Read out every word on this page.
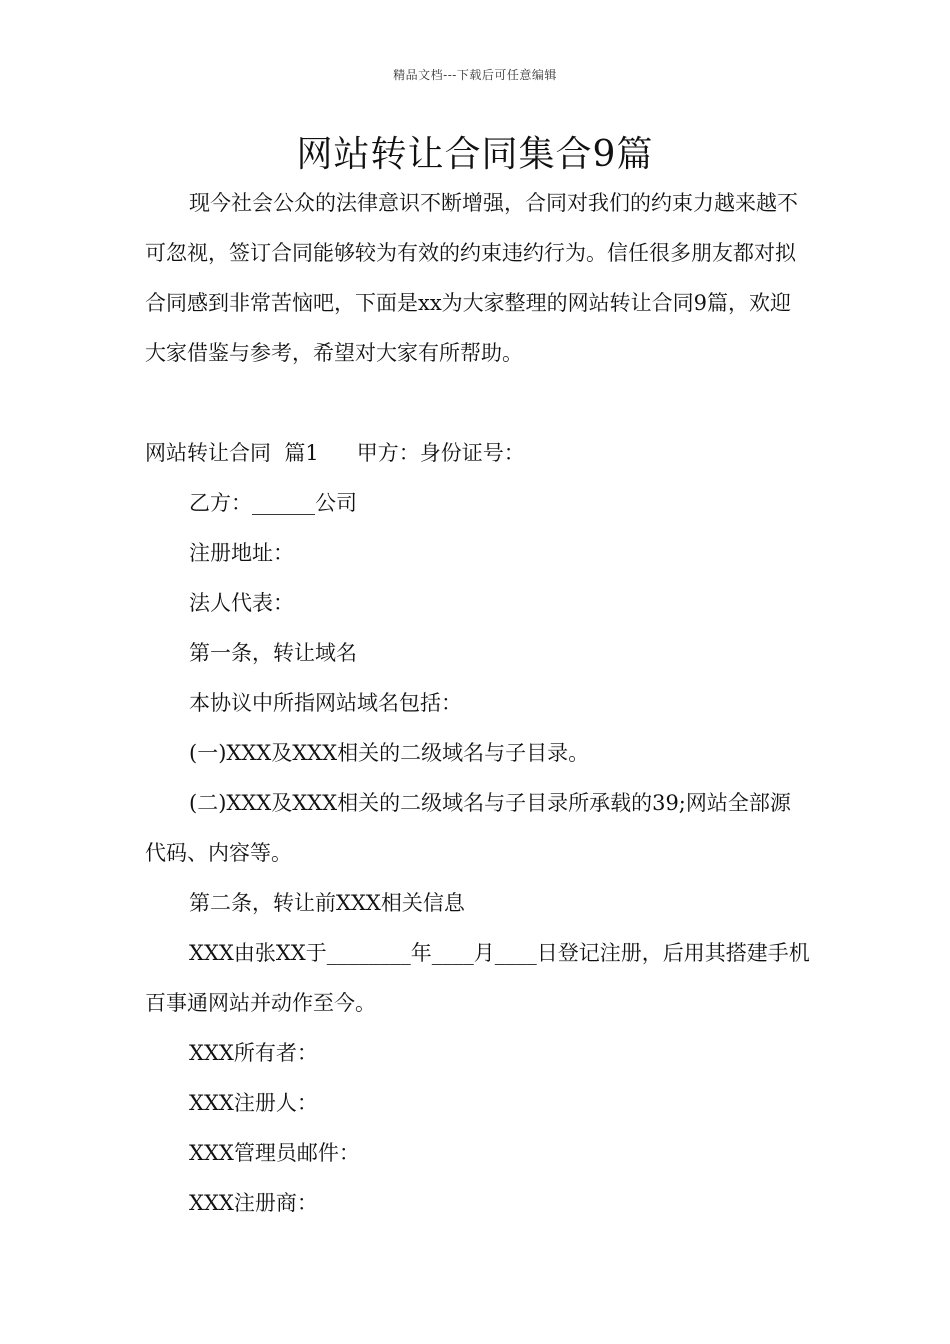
精品文档---下载后可任意编辑
网站转让合同集合9篇

现今社会公众的法律意识不断增强，合同对我们的约束力越来越不可忽视，签订合同能够较为有效的约束违约行为。信任很多朋友都对拟合同感到非常苦恼吧，下面是xx为大家整理的网站转让合同9篇，欢迎大家借鉴与参考，希望对大家有所帮助。

网站转让合同  篇1 甲方：身份证号：

乙方：______公司

注册地址：

法人代表：

第一条，转让域名

本协议中所指网站域名包括：

(一)XXX及XXX相关的二级域名与子目录。

(二)XXX及XXX相关的二级域名与子目录所承载的39;网站全部源代码、内容等。

第二条，转让前XXX相关信息

XXX由张XX于________年____月____日登记注册，后用其搭建手机百事通网站并动作至今。

XXX所有者：

XXX注册人：

XXX管理员邮件：

XXX注册商：
